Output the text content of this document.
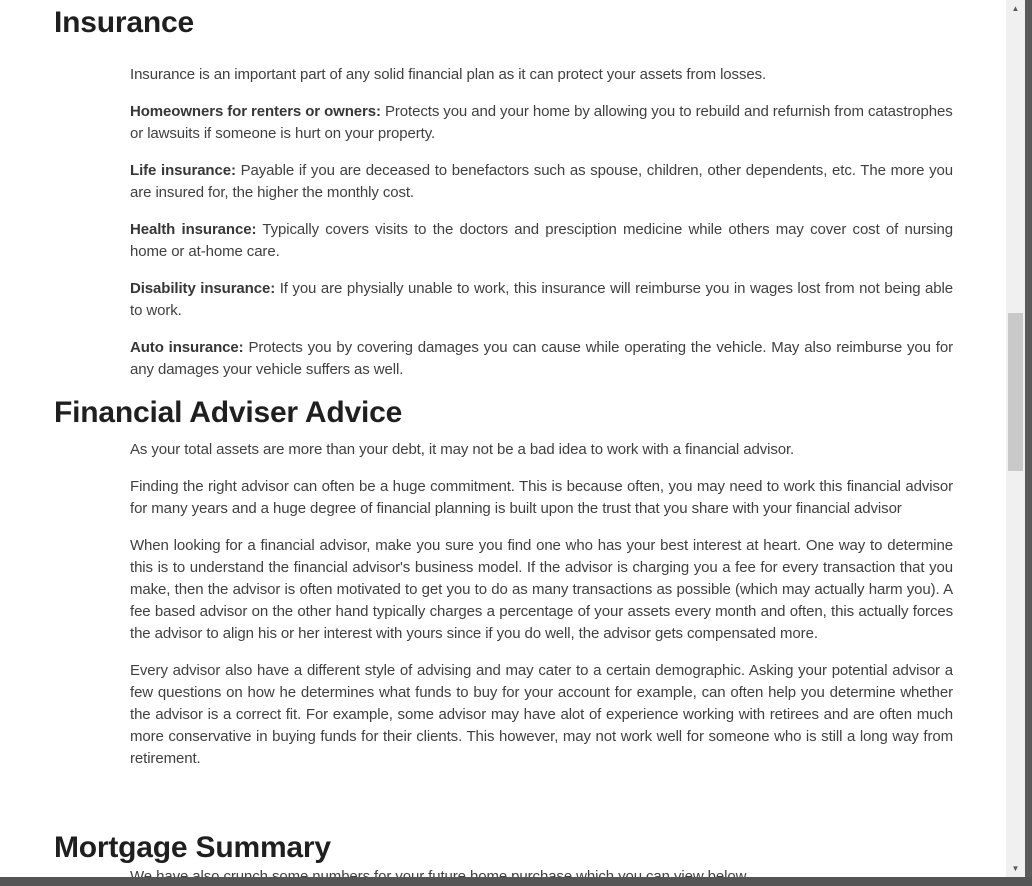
Insurance

Insurance is an important part of any solid financial plan as it can protect your assets from losses.

Homeowners for renters or owners: Protects you and your home by allowing you to rebuild and refurnish from catastrophes or lawsuits if someone is hurt on your property.

Life insurance: Payable if you are deceased to benefactors such as spouse, children, other dependents, etc. The more you are insured for, the higher the monthly cost.

Health insurance: Typically covers visits to the doctors and presciption medicine while others may cover cost of nursing home or at-home care.

Disability insurance: If you are physially unable to work, this insurance will reimburse you in wages lost from not being able to work.

Auto insurance: Protects you by covering damages you can cause while operating the vehicle. May also reimburse you for any damages your vehicle suffers as well.

Financial Adviser Advice

As your total assets are more than your debt, it may not be a bad idea to work with a financial advisor.

Finding the right advisor can often be a huge commitment. This is because often, you may need to work this financial advisor for many years and a huge degree of financial planning is built upon the trust that you share with your financial advisor

When looking for a financial advisor, make you sure you find one who has your best interest at heart. One way to determine this is to understand the financial advisor's business model. If the advisor is charging you a fee for every transaction that you make, then the advisor is often motivated to get you to do as many transactions as possible (which may actually harm you). A fee based advisor on the other hand typically charges a percentage of your assets every month and often, this actually forces the advisor to align his or her interest with yours since if you do well, the advisor gets compensated more.

Every advisor also have a different style of advising and may cater to a certain demographic. Asking your potential advisor a few questions on how he determines what funds to buy for your account for example, can often help you determine whether the advisor is a correct fit. For example, some advisor may have alot of experience working with retirees and are often much more conservative in buying funds for their clients. This however, may not work well for someone who is still a long way from retirement.

Mortgage Summary

▲
▼
